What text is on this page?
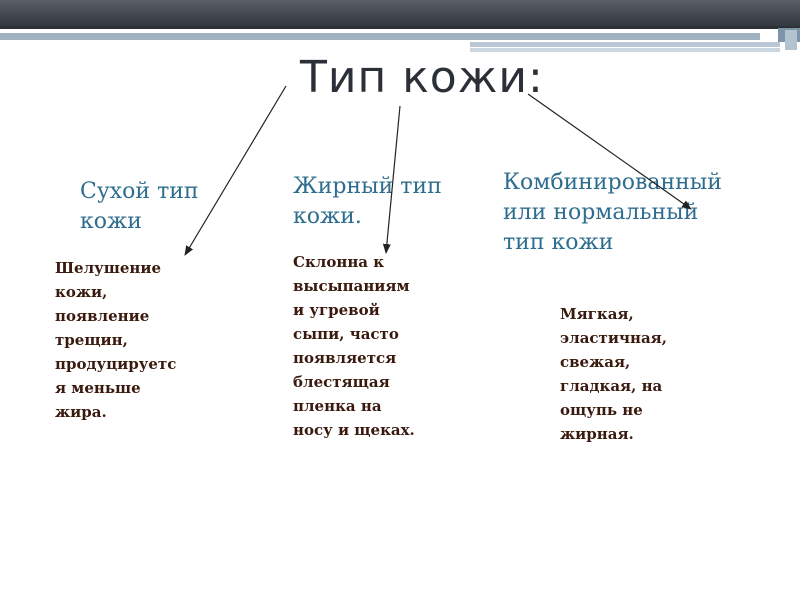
Тип кожи:
Сухой тип
кожи
Жирный тип
кожи.
Комбинированный
или нормальный
тип кожи
Шелушение
кожи,
появление
трещин,
продуцируетс
я меньше
жира.
Склонна к
высыпаниям
и угревой
сыпи, часто
появляется
блестящая
пленка на
носу и щеках.
Мягкая,
эластичная,
свежая,
гладкая, на
ощупь не
жирная.
